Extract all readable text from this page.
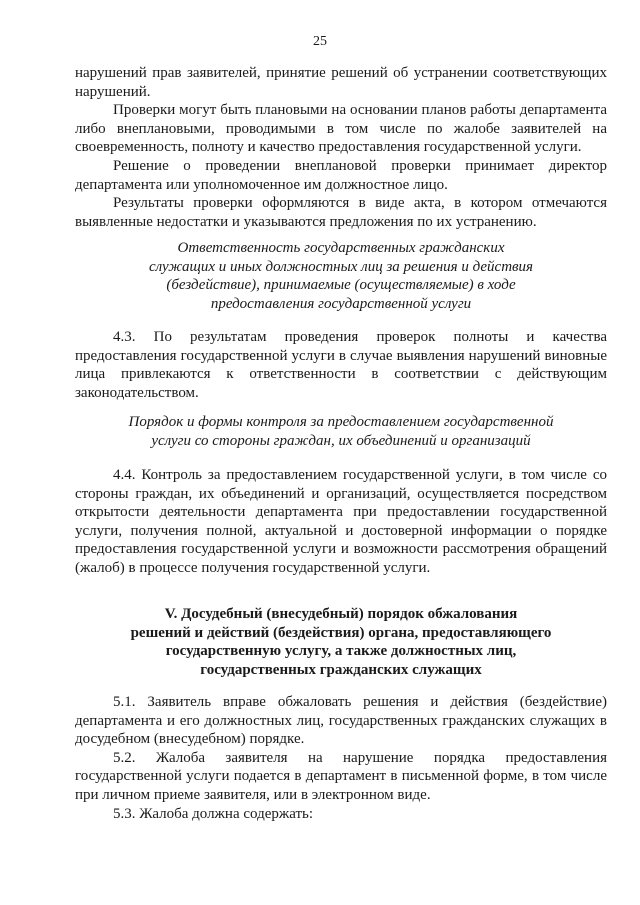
25

нарушений прав заявителей, принятие решений об устранении соответствующих нарушений.

Проверки могут быть плановыми на основании планов работы департамента либо внеплановыми, проводимыми в том числе по жалобе заявителей на своевременность, полноту и качество предоставления государственной услуги.

Решение о проведении внеплановой проверки принимает директор департамента или уполномоченное им должностное лицо.

Результаты проверки оформляются в виде акта, в котором отмечаются выявленные недостатки и указываются предложения по их устранению.

Ответственность государственных гражданских
служащих и иных должностных лиц за решения и действия
(бездействие), принимаемые (осуществляемые) в ходе
предоставления государственной услуги

4.3. По результатам проведения проверок полноты и качества предоставления государственной услуги в случае выявления нарушений виновные лица привлекаются к ответственности в соответствии с действующим законодательством.

Порядок и формы контроля за предоставлением государственной
услуги со стороны граждан, их объединений и организаций

4.4. Контроль за предоставлением государственной услуги, в том числе со стороны граждан, их объединений и организаций, осуществляется посредством открытости деятельности департамента при предоставлении государственной услуги, получения полной, актуальной и достоверной информации о порядке предоставления государственной услуги и возможности рассмотрения обращений (жалоб) в процессе получения государственной услуги.

V. Досудебный (внесудебный) порядок обжалования
решений и действий (бездействия) органа, предоставляющего
государственную услугу, а также должностных лиц,
государственных гражданских служащих

5.1. Заявитель вправе обжаловать решения и действия (бездействие) департамента и его должностных лиц, государственных гражданских служащих в досудебном (внесудебном) порядке.

5.2. Жалоба заявителя на нарушение порядка предоставления государственной услуги подается в департамент в письменной форме, в том числе при личном приеме заявителя, или в электронном виде.

5.3. Жалоба должна содержать:
